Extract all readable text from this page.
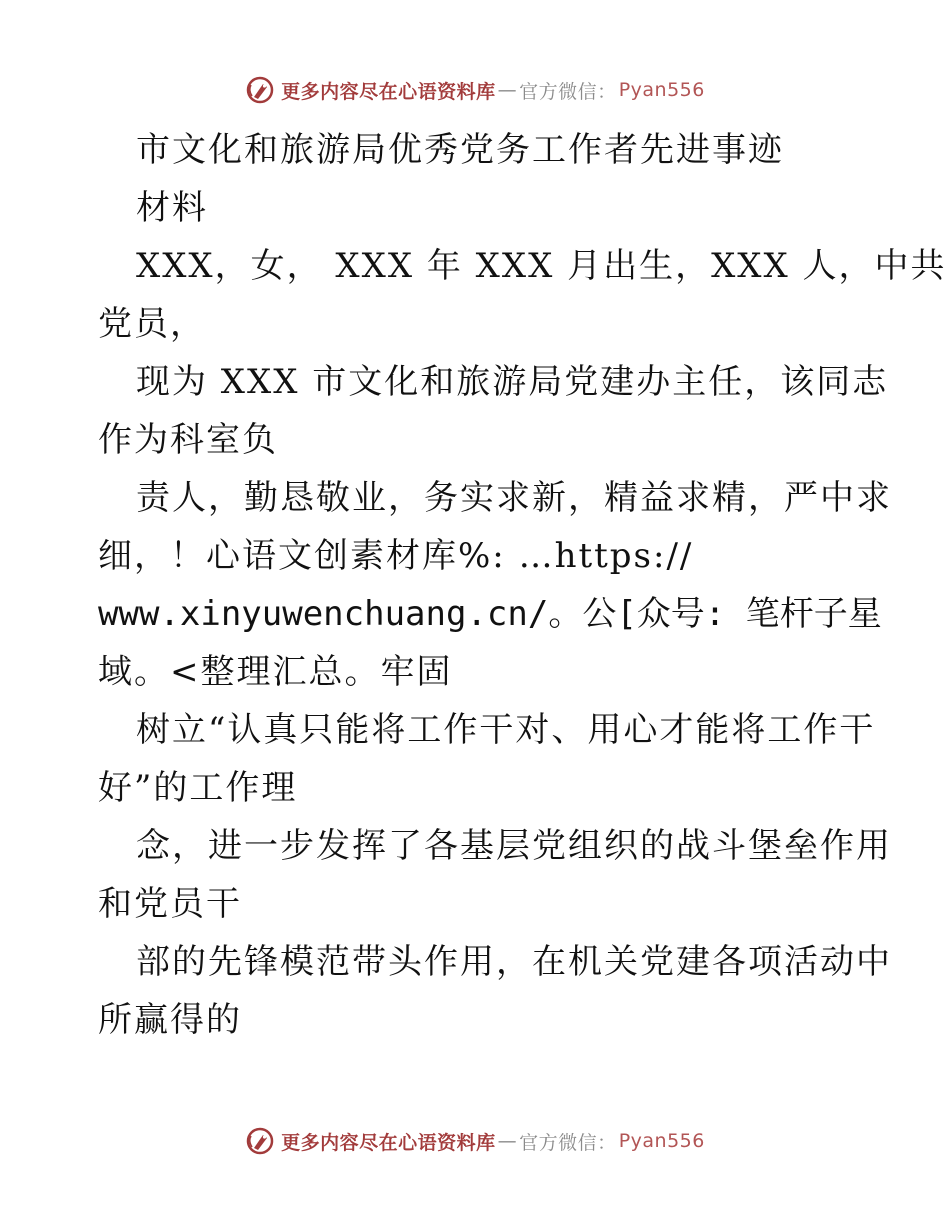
更多内容尽在心语资料库 — 官方微信： Pyan556
市文化和旅游局优秀党务工作者先进事迹
材料
XXX，女， XXX 年 XXX 月出生，XXX 人，中共
党员，
现为 XXX 市文化和旅游局党建办主任，该同志
作为科室负
责人，勤恳敬业，务实求新，精益求精，严中求
细，！心语文创素材库%: …https://
www.xinyuwenchuang.cn/。公[众号: 笔杆子星
域。<整理汇总。牢固
树立“认真只能将工作干对、用心才能将工作干
好”的工作理
念，进一步发挥了各基层党组织的战斗堡垒作用
和党员干
部的先锋模范带头作用，在机关党建各项活动中
所赢得的
更多内容尽在心语资料库 — 官方微信： Pyan556
